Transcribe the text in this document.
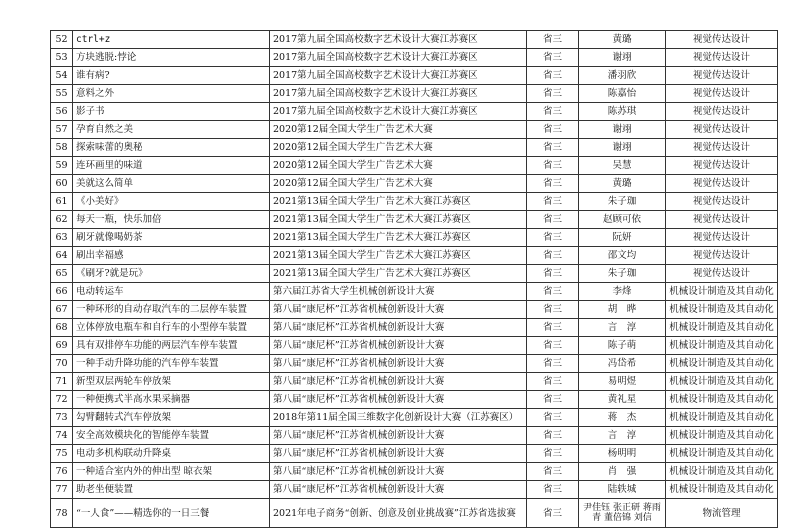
52	ctrl+z	2017第九届全国高校数字艺术设计大赛江苏赛区	省三	黄璐	视觉传达设计
53	方块逃脱:悖论	2017第九届全国高校数字艺术设计大赛江苏赛区	省三	谢翊	视觉传达设计
54	谁有病?	2017第九届全国高校数字艺术设计大赛江苏赛区	省三	潘羽欣	视觉传达设计
55	意料之外	2017第九届全国高校数字艺术设计大赛江苏赛区	省三	陈嘉怡	视觉传达设计
56	影子书	2017第九届全国高校数字艺术设计大赛江苏赛区	省三	陈苏琪	视觉传达设计
57	孕育自然之美	2020第12届全国大学生广告艺术大赛	省三	谢翊	视觉传达设计
58	探索味蕾的奥秘	2020第12届全国大学生广告艺术大赛	省三	谢翊	视觉传达设计
59	连环画里的味道	2020第12届全国大学生广告艺术大赛	省三	吴慧	视觉传达设计
60	美就这么简单	2020第12届全国大学生广告艺术大赛	省三	黄璐	视觉传达设计
61	《小美好》	2021第13届全国大学生广告艺术大赛江苏赛区	省三	朱子珈	视觉传达设计
62	每天一瓶，快乐加倍	2021第13届全国大学生广告艺术大赛江苏赛区	省三	赵顾可依	视觉传达设计
63	刷牙就像喝奶茶	2021第13届全国大学生广告艺术大赛江苏赛区	省三	阮妍	视觉传达设计
64	刷出幸福感	2021第13届全国大学生广告艺术大赛江苏赛区	省三	邵文均	视觉传达设计
65	《刷牙?就是玩》	2021第13届全国大学生广告艺术大赛江苏赛区	省三	朱子珈	视觉传达设计
66	电动转运车	第六届江苏省大学生机械创新设计大赛	省三	李烽	机械设计制造及其自动化
67	一种环形的自动存取汽车的二层停车装置	第八届“康尼杯”江苏省机械创新设计大赛	省三	胡　晔	机械设计制造及其自动化
68	立体停放电瓶车和自行车的小型停车装置	第八届“康尼杯”江苏省机械创新设计大赛	省三	言　淳	机械设计制造及其自动化
69	具有双排停车功能的两层汽车停车装置	第八届“康尼杯”江苏省机械创新设计大赛	省三	陈子萌	机械设计制造及其自动化
70	一种手动升降功能的汽车停车装置	第八届“康尼杯”江苏省机械创新设计大赛	省三	冯岱希	机械设计制造及其自动化
71	新型双层两轮车停放架	第八届“康尼杯”江苏省机械创新设计大赛	省三	易明煜	机械设计制造及其自动化
72	一种便携式半高水果采摘器	第八届“康尼杯”江苏省机械创新设计大赛	省三	黄礼星	机械设计制造及其自动化
73	勾臂翻转式汽车停放架	2018年第11届全国三维数字化创新设计大赛（江苏赛区）	省三	蒋　杰	机械设计制造及其自动化
74	安全高效模块化的智能停车装置	第八届“康尼杯”江苏省机械创新设计大赛	省三	言　淳	机械设计制造及其自动化
75	电动多机构联动升降桌	第八届“康尼杯”江苏省机械创新设计大赛	省三	杨明明	机械设计制造及其自动化
76	一种适合室内外的伸出型 晾衣架	第八届“康尼杯”江苏省机械创新设计大赛	省三	肖　强	机械设计制造及其自动化
77	助老坐便装置	第八届“康尼杯”江苏省机械创新设计大赛	省三	陆轶城	机械设计制造及其自动化
78	“一人食”——精选你的一日三餐	2021年电子商务“创新、创意及创业挑战赛”江苏省选拔赛	省三	尹佳钰 张正研 蒋雨青 董倍锦 刘信	物流管理
